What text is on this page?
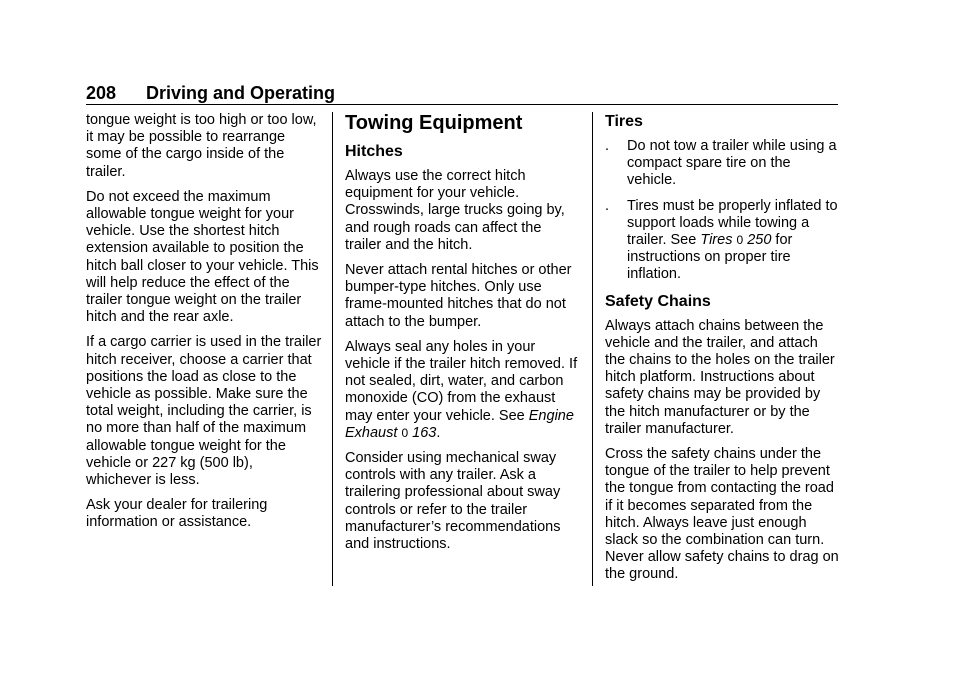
208 Driving and Operating

tongue weight is too high or too low, it may be possible to rearrange some of the cargo inside of the trailer.

Do not exceed the maximum allowable tongue weight for your vehicle. Use the shortest hitch extension available to position the hitch ball closer to your vehicle. This will help reduce the effect of the trailer tongue weight on the trailer hitch and the rear axle.

If a cargo carrier is used in the trailer hitch receiver, choose a carrier that positions the load as close to the vehicle as possible. Make sure the total weight, including the carrier, is no more than half of the maximum allowable tongue weight for the vehicle or 227 kg (500 lb), whichever is less.

Ask your dealer for trailering information or assistance.

Towing Equipment
Hitches

Always use the correct hitch equipment for your vehicle. Crosswinds, large trucks going by, and rough roads can affect the trailer and the hitch.

Never attach rental hitches or other bumper-type hitches. Only use frame-mounted hitches that do not attach to the bumper.

Always seal any holes in your vehicle if the trailer hitch removed. If not sealed, dirt, water, and carbon monoxide (CO) from the exhaust may enter your vehicle. See Engine Exhaust 0 163.

Consider using mechanical sway controls with any trailer. Ask a trailering professional about sway controls or refer to the trailer manufacturer’s recommendations and instructions.

Tires
. Do not tow a trailer while using a compact spare tire on the vehicle.
. Tires must be properly inflated to support loads while towing a trailer. See Tires 0 250 for instructions on proper tire inflation.
Safety Chains

Always attach chains between the vehicle and the trailer, and attach the chains to the holes on the trailer hitch platform. Instructions about safety chains may be provided by the hitch manufacturer or by the trailer manufacturer.

Cross the safety chains under the tongue of the trailer to help prevent the tongue from contacting the road if it becomes separated from the hitch. Always leave just enough slack so the combination can turn. Never allow safety chains to drag on the ground.
